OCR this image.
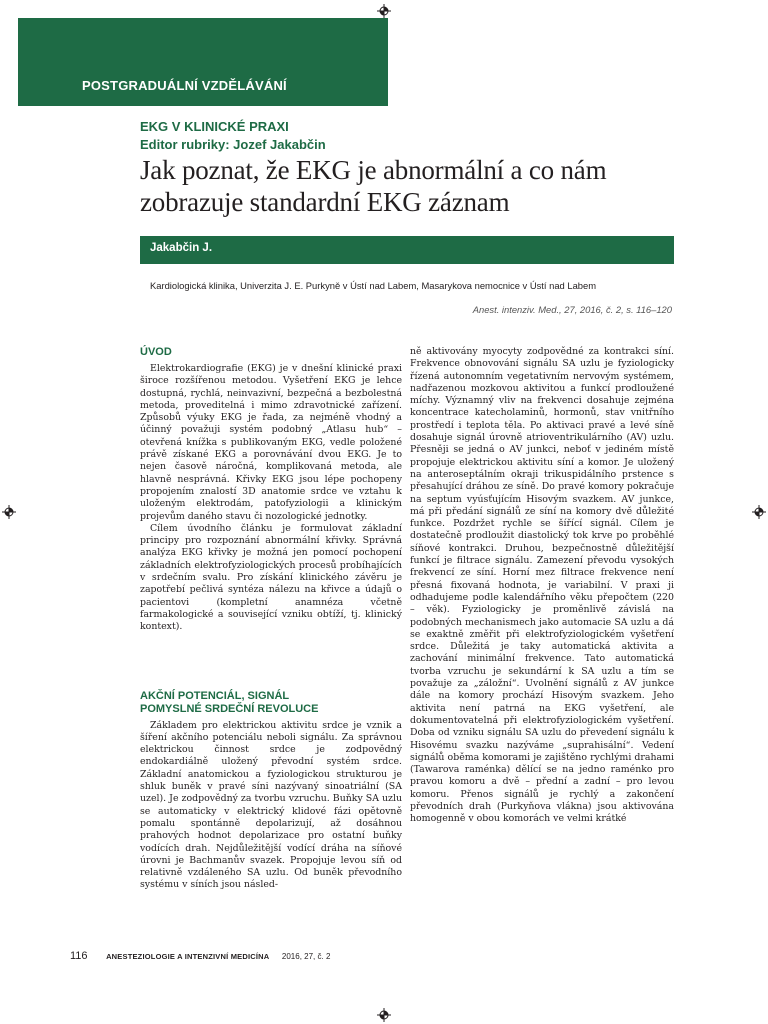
POSTGRADUÁLNÍ VZDĚLÁVÁNÍ
EKG V KLINICKÉ PRAXI
Editor rubriky: Jozef Jakabčin
Jak poznat, že EKG je abnormální a co nám
zobrazuje standardní EKG záznam
Jakabčin J.
Kardiologická klinika, Univerzita J. E. Purkyně v Ústí nad Labem, Masarykova nemocnice v Ústí nad Labem
Anest. intenziv. Med., 27, 2016, č. 2, s. 116–120
ÚVOD

Elektrokardiografie (EKG) je v dnešní klinické praxi široce rozšířenou metodou. Vyšetření EKG je lehce dostupná, rychlá, neinvazivní, bezpečná a bezbolestná metoda, proveditelná i mimo zdravotnické zařízení. Způsobů výuky EKG je řada, za nejméně vhodný a účinný považuji systém podobný „Atlasu hub“ – otevřená knížka s publikovaným EKG, vedle položené právě získané EKG a porovnávání dvou EKG. Je to nejen časově náročná, komplikovaná metoda, ale hlavně nesprávná. Křivky EKG jsou lépe pochopeny propojením znalostí 3D anatomie srdce ve vztahu k uloženým elektrodám, patofyziologii a klinickým projevům daného stavu či nozologické jednotky.

Cílem úvodního článku je formulovat základní principy pro rozpoznání abnormální křivky. Správná analýza EKG křivky je možná jen pomocí pochopení základních elektrofyziologických procesů probíhajících v srdečním svalu. Pro získání klinického závěru je zapotřebí pečlivá syntéza nálezu na křivce a údajů o pacientovi (kompletní anamnéza včetně farmakologické a související vzniku obtíží, tj. klinický kontext).

AKČNÍ POTENCIÁL, SIGNÁL
POMYSLNÉ SRDEČNÍ REVOLUCE

Základem pro elektrickou aktivitu srdce je vznik a šíření akčního potenciálu neboli signálu. Za správnou elektrickou činnost srdce je zodpovědný endokardiálně uložený převodní systém srdce. Základní anatomickou a fyziologickou strukturou je shluk buněk v pravé síni nazývaný sinoatriální (SA uzel). Je zodpovědný za tvorbu vzruchu. Buňky SA uzlu se automaticky v elektrický klidové fázi opětovně pomalu spontánně depolarizují, až dosáhnou prahových hodnot depolarizace pro ostatní buňky vodících drah. Nejdůležitější vodící dráha na síňové úrovni je Bachmanův svazek. Propojuje levou síň od relativně vzdáleného SA uzlu. Od buněk převodního systému v síních jsou násled-

ně aktivovány myocyty zodpovědné za kontrakci síní. Frekvence obnovování signálu SA uzlu je fyziologicky řízená autonomním vegetativním nervovým systémem, nadřazenou mozkovou aktivitou a funkcí prodloužené míchy. Významný vliv na frekvenci dosahuje zejména koncentrace katecholaminů, hormonů, stav vnitřního prostředí i teplota těla. Po aktivaci pravé a levé síně dosahuje signál úrovně atrioventrikulárního (AV) uzlu. Přesněji se jedná o AV junkci, neboť v jediném místě propojuje elektrickou aktivitu síní a komor. Je uložený na anteroseptálním okraji trikuspidálního prstence s přesahující dráhou ze síně. Do pravé komory pokračuje na septum vyúsťujícím Hisovým svazkem. AV junkce, má při předání signálů ze síní na komory dvě důležité funkce. Pozdržet rychle se šířící signál. Cílem je dostatečně prodloužit diastolický tok krve po proběhlé síňové kontrakci. Druhou, bezpečnostně důležitější funkcí je filtrace signálu. Zamezení převodu vysokých frekvencí ze síní. Horní mez filtrace frekvence není přesná fixovaná hodnota, je variabilní. V praxi ji odhadujeme podle kalendářního věku přepočtem (220 – věk). Fyziologicky je proměnlivě závislá na podobných mechanismech jako automacie SA uzlu a dá se exaktně změřit při elektrofyziologickém vyšetření srdce. Důležitá je taky automatická aktivita a zachování minimální frekvence. Tato automatická tvorba vzruchu je sekundární k SA uzlu a tím se považuje za „záložní“. Uvolnění signálů z AV junkce dále na komory prochází Hisovým svazkem. Jeho aktivita není patrná na EKG vyšetření, ale dokumentovatelná při elektrofyziologickém vyšetření. Doba od vzniku signálu SA uzlu do převedení signálu k Hisovému svazku nazýváme „suprahisální“. Vedení signálů oběma komorami je zajištěno rychlými drahami (Tawarova raménka) dělící se na jedno raménko pro pravou komoru a dvě – přední a zadní – pro levou komoru. Přenos signálů je rychlý a zakončení převodních drah (Purkyňova vlákna) jsou aktivována homogenně v obou komorách ve velmi krátké

116 ANESTEZIOLOGIE A INTENZIVNÍ MEDICÍNA 2016, 27, č. 2
